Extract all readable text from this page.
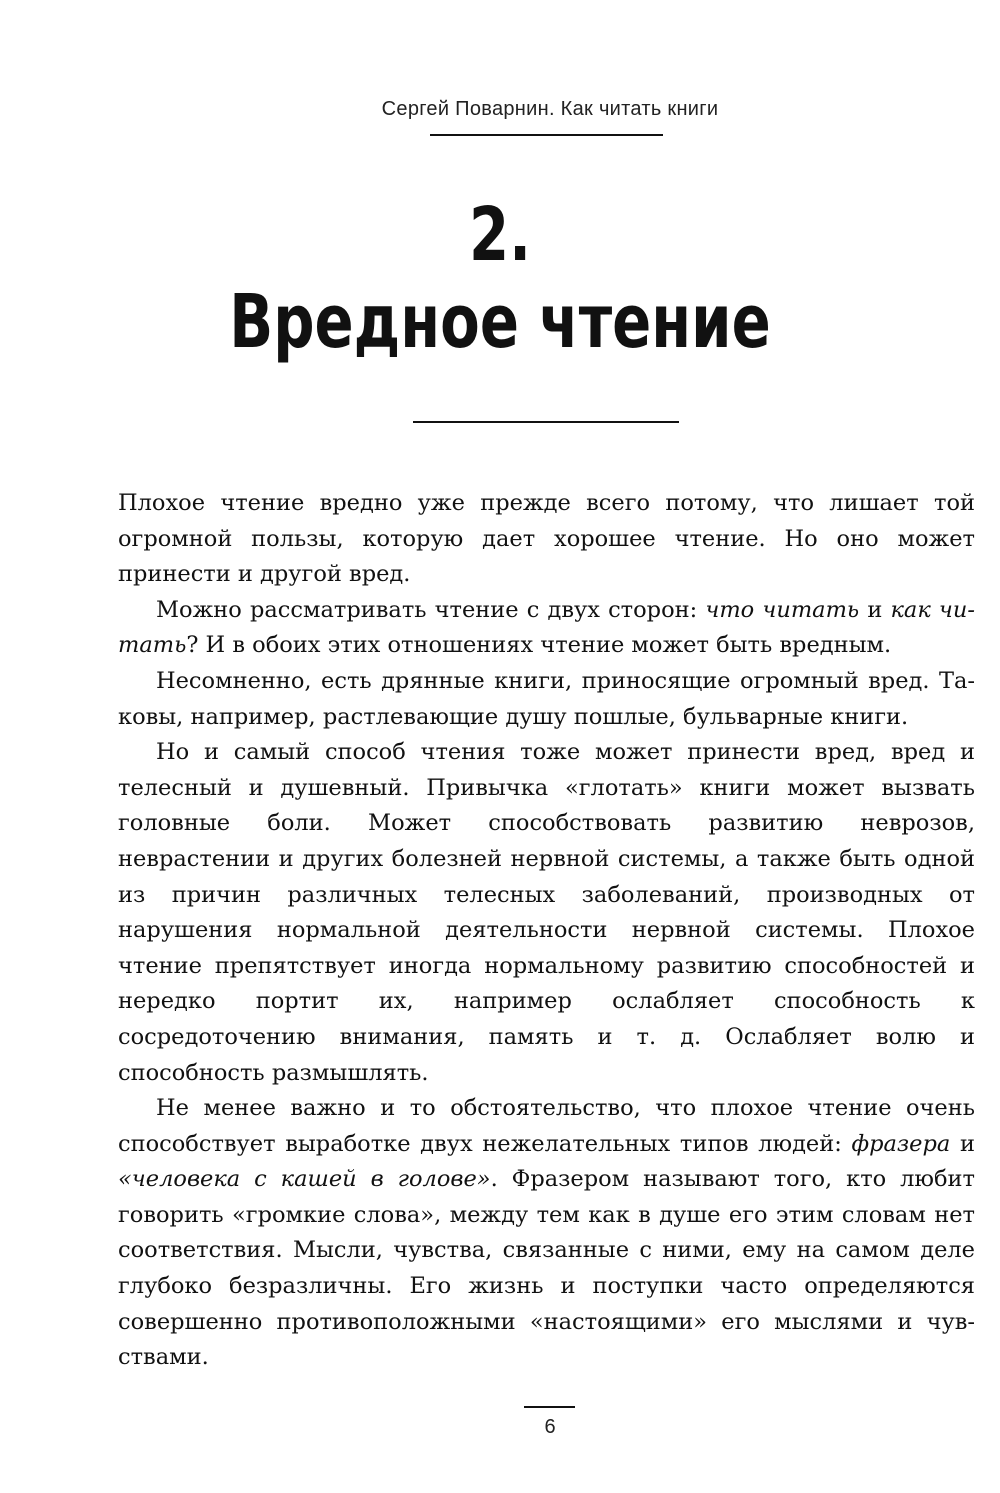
Сергей Поварнин. Как читать книги
2.
Вредное чтение

Плохое чтение вредно уже прежде всего потому, что лишает той огромной пользы, которую дает хорошее чтение. Но оно может принести и другой вред.

Можно рассматривать чтение с двух сторон: что читать и как читать? И в обоих этих отношениях чтение может быть вредным.

Несомненно, есть дрянные книги, приносящие огромный вред. Таковы, например, растлевающие душу пошлые, бульварные книги.

Но и самый способ чтения тоже может принести вред, вред и телесный и душевный. Привычка «глотать» книги может вызвать головные боли. Может способствовать развитию неврозов, неврастении и других болезней нервной системы, а также быть одной из причин различных телесных заболеваний, производных от нарушения нормальной деятельности нервной системы. Плохое чтение препятствует иногда нормальному развитию способностей и нередко портит их, например ослабляет способность к сосредоточению внимания, память и т. д. Ослабляет волю и способность размышлять.

Не менее важно и то обстоятельство, что плохое чтение очень способствует выработке двух нежелательных типов людей: фразера и «человека с кашей в голове». Фразером называют того, кто любит говорить «громкие слова», между тем как в душе его этим словам нет соответствия. Мысли, чувства, связанные с ними, ему на самом деле глубоко безразличны. Его жизнь и поступки часто определяются совершенно противоположными «настоящими» его мыслями и чувствами.

6
